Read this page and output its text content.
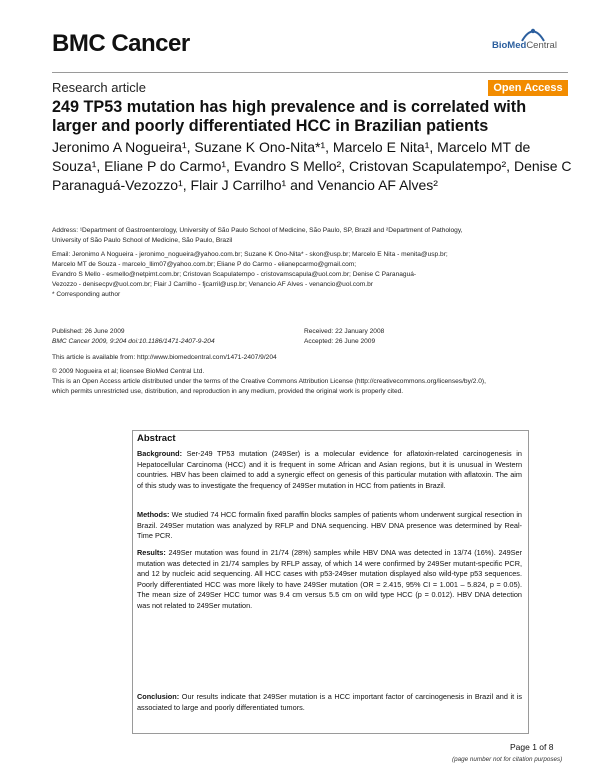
BMC Cancer	BioMedCentral
Research article	Open Access
249 TP53 mutation has high prevalence and is correlated with larger and poorly differentiated HCC in Brazilian patients
Jeronimo A Nogueira¹, Suzane K Ono-Nita*¹, Marcelo E Nita¹, Marcelo MT de Souza¹, Eliane P do Carmo¹, Evandro S Mello², Cristovan Scapulatempo², Denise C Paranaguá-Vezozzo¹, Flair J Carrilho¹ and Venancio AF Alves²
Address: ¹Department of Gastroenterology, University of São Paulo School of Medicine, São Paulo, SP, Brazil and ²Department of Pathology,
University of São Paulo School of Medicine, São Paulo, Brazil
Email: Jeronimo A Nogueira - jeronimo_nogueira@yahoo.com.br; Suzane K Ono-Nita* - skon@usp.br; Marcelo E Nita - menita@usp.br;
Marcelo MT de Souza - marcelo_llim07@yahoo.com.br; Eliane P do Carmo - elianepcarmo@gmail.com;
Evandro S Mello - esmello@netpimt.com.br; Cristovan Scapulatempo - cristovamscapula@uol.com.br; Denise C Paranaguá-
Vezozzo - denisecpv@uol.com.br; Flair J Carrilho - fjcarril@usp.br; Venancio AF Alves - venancio@uol.com.br
* Corresponding author
Published: 26 June 2009
BMC Cancer 2009, 9:204 doi:10.1186/1471-2407-9-204
Received: 22 January 2008
Accepted: 26 June 2009
This article is available from: http://www.biomedcentral.com/1471-2407/9/204
© 2009 Nogueira et al; licensee BioMed Central Ltd.
This is an Open Access article distributed under the terms of the Creative Commons Attribution License (http://creativecommons.org/licenses/by/2.0),
which permits unrestricted use, distribution, and reproduction in any medium, provided the original work is properly cited.
Abstract
Background: Ser-249 TP53 mutation (249Ser) is a molecular evidence for aflatoxin-related carcinogenesis in Hepatocellular Carcinoma (HCC) and it is frequent in some African and Asian regions, but it is unusual in Western countries. HBV has been claimed to add a synergic effect on genesis of this particular mutation with aflatoxin. The aim of this study was to investigate the frequency of 249Ser mutation in HCC from patients in Brazil.
Methods: We studied 74 HCC formalin fixed paraffin blocks samples of patients whom underwent surgical resection in Brazil. 249Ser mutation was analyzed by RFLP and DNA sequencing. HBV DNA presence was determined by Real-Time PCR.
Results: 249Ser mutation was found in 21/74 (28%) samples while HBV DNA was detected in 13/74 (16%). 249Ser mutation was detected in 21/74 samples by RFLP assay, of which 14 were confirmed by 249Ser mutant-specific PCR, and 12 by nucleic acid sequencing. All HCC cases with p53-249ser mutation displayed also wild-type p53 sequences. Poorly differentiated HCC was more likely to have 249Ser mutation (OR = 2.415, 95% CI = 1.001 – 5.824, p = 0.05). The mean size of 249Ser HCC tumor was 9.4 cm versus 5.5 cm on wild type HCC (p = 0.012). HBV DNA detection was not related to 249Ser mutation.
Conclusion: Our results indicate that 249Ser mutation is a HCC important factor of carcinogenesis in Brazil and it is associated to large and poorly differentiated tumors.
Page 1 of 8
(page number not for citation purposes)
